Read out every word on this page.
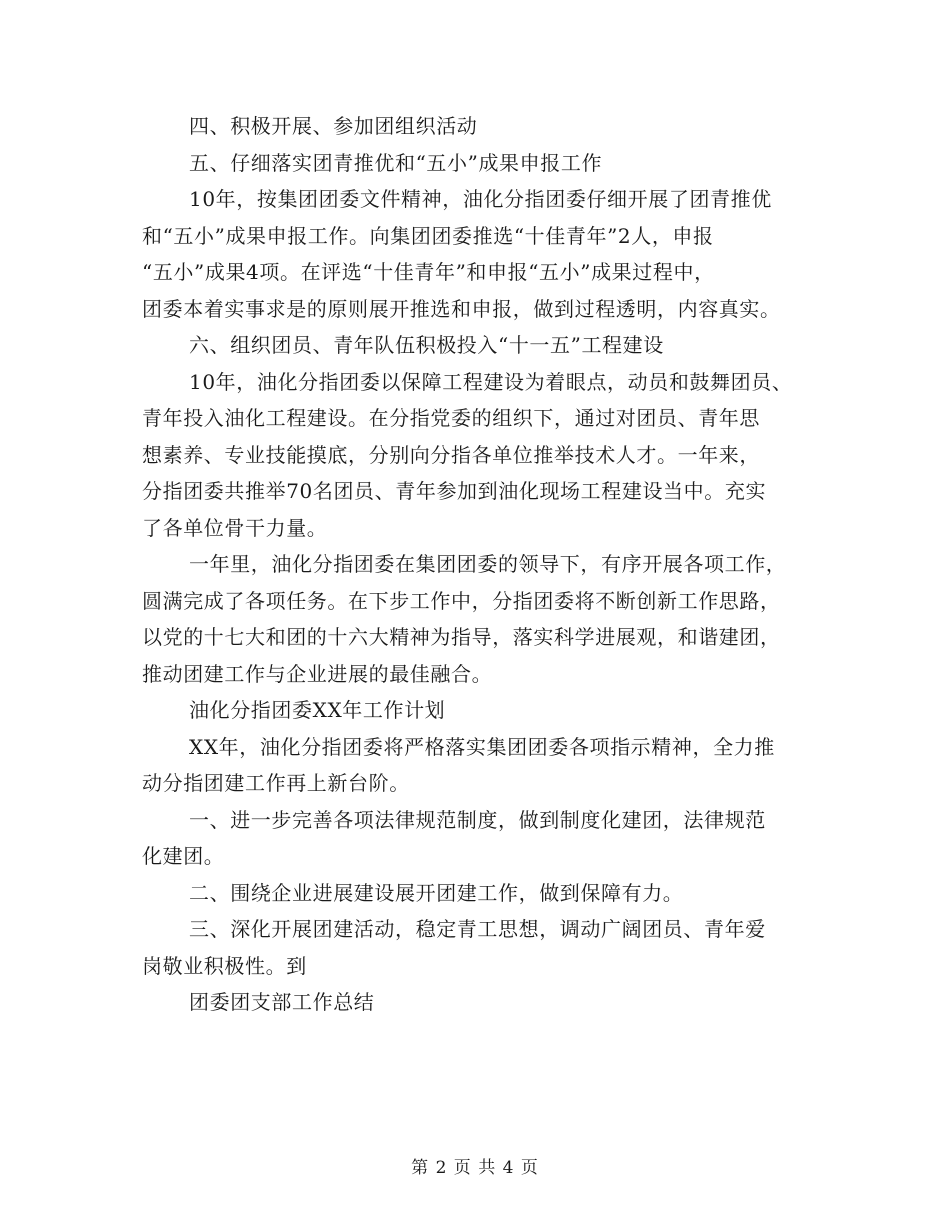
四、积极开展、参加团组织活动
五、仔细落实团青推优和“五小”成果申报工作
10年，按集团团委文件精神，油化分指团委仔细开展了团青推优
和“五小”成果申报工作。向集团团委推选“十佳青年”2人，申报
“五小”成果4项。在评选“十佳青年”和申报“五小”成果过程中，
团委本着实事求是的原则展开推选和申报，做到过程透明，内容真实。
六、组织团员、青年队伍积极投入“十一五”工程建设
10年，油化分指团委以保障工程建设为着眼点，动员和鼓舞团员、
青年投入油化工程建设。在分指党委的组织下，通过对团员、青年思
想素养、专业技能摸底，分别向分指各单位推举技术人才。一年来，
分指团委共推举70名团员、青年参加到油化现场工程建设当中。充实
了各单位骨干力量。
一年里，油化分指团委在集团团委的领导下，有序开展各项工作，
圆满完成了各项任务。在下步工作中，分指团委将不断创新工作思路，
以党的十七大和团的十六大精神为指导，落实科学进展观，和谐建团，
推动团建工作与企业进展的最佳融合。
油化分指团委XX年工作计划
XX年，油化分指团委将严格落实集团团委各项指示精神，全力推
动分指团建工作再上新台阶。
一、进一步完善各项法律规范制度，做到制度化建团，法律规范
化建团。
二、围绕企业进展建设展开团建工作，做到保障有力。
三、深化开展团建活动，稳定青工思想，调动广阔团员、青年爱
岗敬业积极性。到
团委团支部工作总结
第 2 页 共 4 页
